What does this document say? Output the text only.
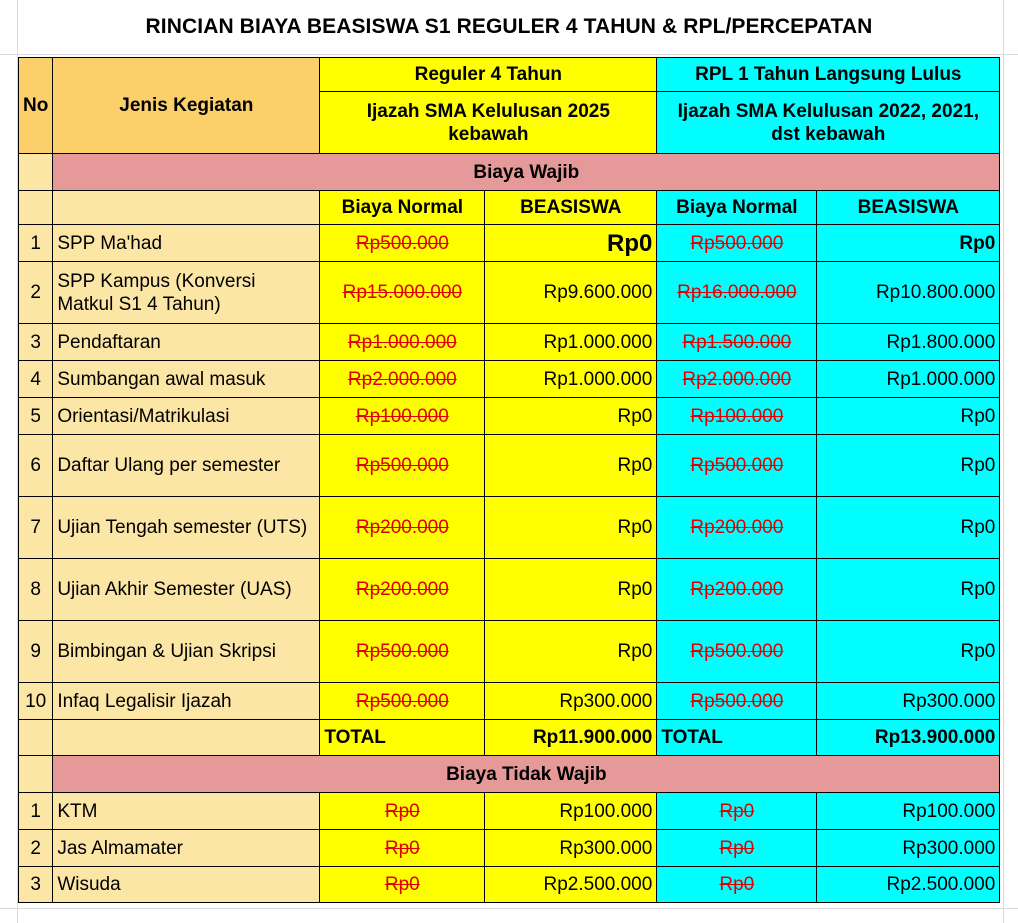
RINCIAN BIAYA BEASISWA S1 REGULER 4 TAHUN & RPL/PERCEPATAN
No	Jenis Kegiatan	Reguler 4 Tahun		RPL 1 Tahun Langsung Lulus	
		Ijazah SMA Kelulusan 2025 kebawah		Ijazah SMA Kelulusan 2022, 2021, dst kebawah	
	Biaya Wajib				
		Biaya Normal	BEASISWA	Biaya Normal	BEASISWA
1	SPP Ma'had	Rp500.000	Rp0	Rp500.000	Rp0
2	SPP Kampus (Konversi Matkul S1 4 Tahun)	Rp15.000.000	Rp9.600.000	Rp16.000.000	Rp10.800.000
3	Pendaftaran	Rp1.000.000	Rp1.000.000	Rp1.500.000	Rp1.800.000
4	Sumbangan awal masuk	Rp2.000.000	Rp1.000.000	Rp2.000.000	Rp1.000.000
5	Orientasi/Matrikulasi	Rp100.000	Rp0	Rp100.000	Rp0
6	Daftar Ulang per semester	Rp500.000	Rp0	Rp500.000	Rp0
7	Ujian Tengah semester (UTS)	Rp200.000	Rp0	Rp200.000	Rp0
8	Ujian Akhir Semester (UAS)	Rp200.000	Rp0	Rp200.000	Rp0
9	Bimbingan & Ujian Skripsi	Rp500.000	Rp0	Rp500.000	Rp0
10	Infaq Legalisir Ijazah	Rp500.000	Rp300.000	Rp500.000	Rp300.000
		TOTAL	Rp11.900.000	TOTAL	Rp13.900.000
	Biaya Tidak Wajib				
1	KTM	Rp0	Rp100.000	Rp0	Rp100.000
2	Jas Almamater	Rp0	Rp300.000	Rp0	Rp300.000
3	Wisuda	Rp0	Rp2.500.000	Rp0	Rp2.500.000
